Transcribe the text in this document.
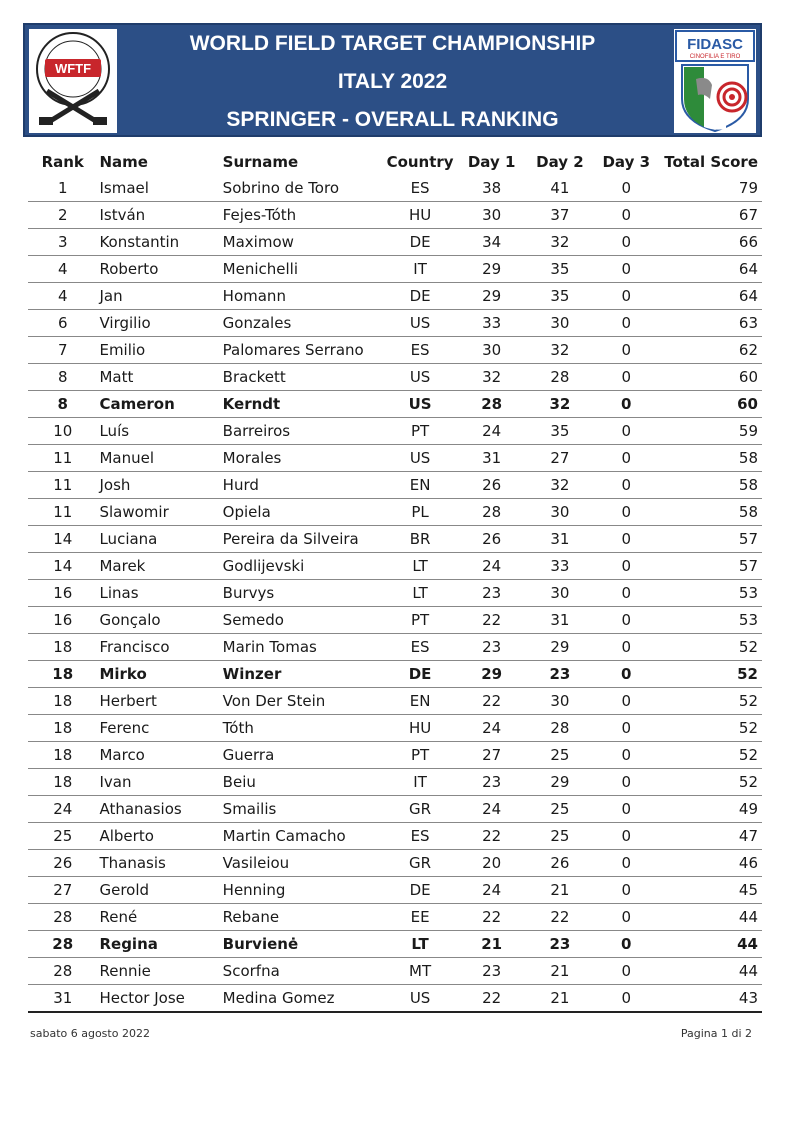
WFTF
WORLD FIELD TARGET CHAMPIONSHIP
ITALY 2022
SPRINGER - OVERALL RANKING
FIDASC
CINOFILIA E TIRO
Rank	Name	Surname	Country	Day 1	Day 2	Day 3	Total Score
1	Ismael	Sobrino de Toro	ES	38	41	0	79
2	István	Fejes-Tóth	HU	30	37	0	67
3	Konstantin	Maximow	DE	34	32	0	66
4	Roberto	Menichelli	IT	29	35	0	64
4	Jan	Homann	DE	29	35	0	64
6	Virgilio	Gonzales	US	33	30	0	63
7	Emilio	Palomares Serrano	ES	30	32	0	62
8	Matt	Brackett	US	32	28	0	60
8	Cameron	Kerndt	US	28	32	0	60
10	Luís	Barreiros	PT	24	35	0	59
11	Manuel	Morales	US	31	27	0	58
11	Josh	Hurd	EN	26	32	0	58
11	Slawomir	Opiela	PL	28	30	0	58
14	Luciana	Pereira da Silveira	BR	26	31	0	57
14	Marek	Godlijevski	LT	24	33	0	57
16	Linas	Burvys	LT	23	30	0	53
16	Gonçalo	Semedo	PT	22	31	0	53
18	Francisco	Marin Tomas	ES	23	29	0	52
18	Mirko	Winzer	DE	29	23	0	52
18	Herbert	Von Der Stein	EN	22	30	0	52
18	Ferenc	Tóth	HU	24	28	0	52
18	Marco	Guerra	PT	27	25	0	52
18	Ivan	Beiu	IT	23	29	0	52
24	Athanasios	Smailis	GR	24	25	0	49
25	Alberto	Martin Camacho	ES	22	25	0	47
26	Thanasis	Vasileiou	GR	20	26	0	46
27	Gerold	Henning	DE	24	21	0	45
28	René	Rebane	EE	22	22	0	44
28	Regina	Burvienė	LT	21	23	0	44
28	Rennie	Scorfna	MT	23	21	0	44
31	Hector Jose	Medina Gomez	US	22	21	0	43

sabato 6 agosto 2022	Pagina 1 di 2
